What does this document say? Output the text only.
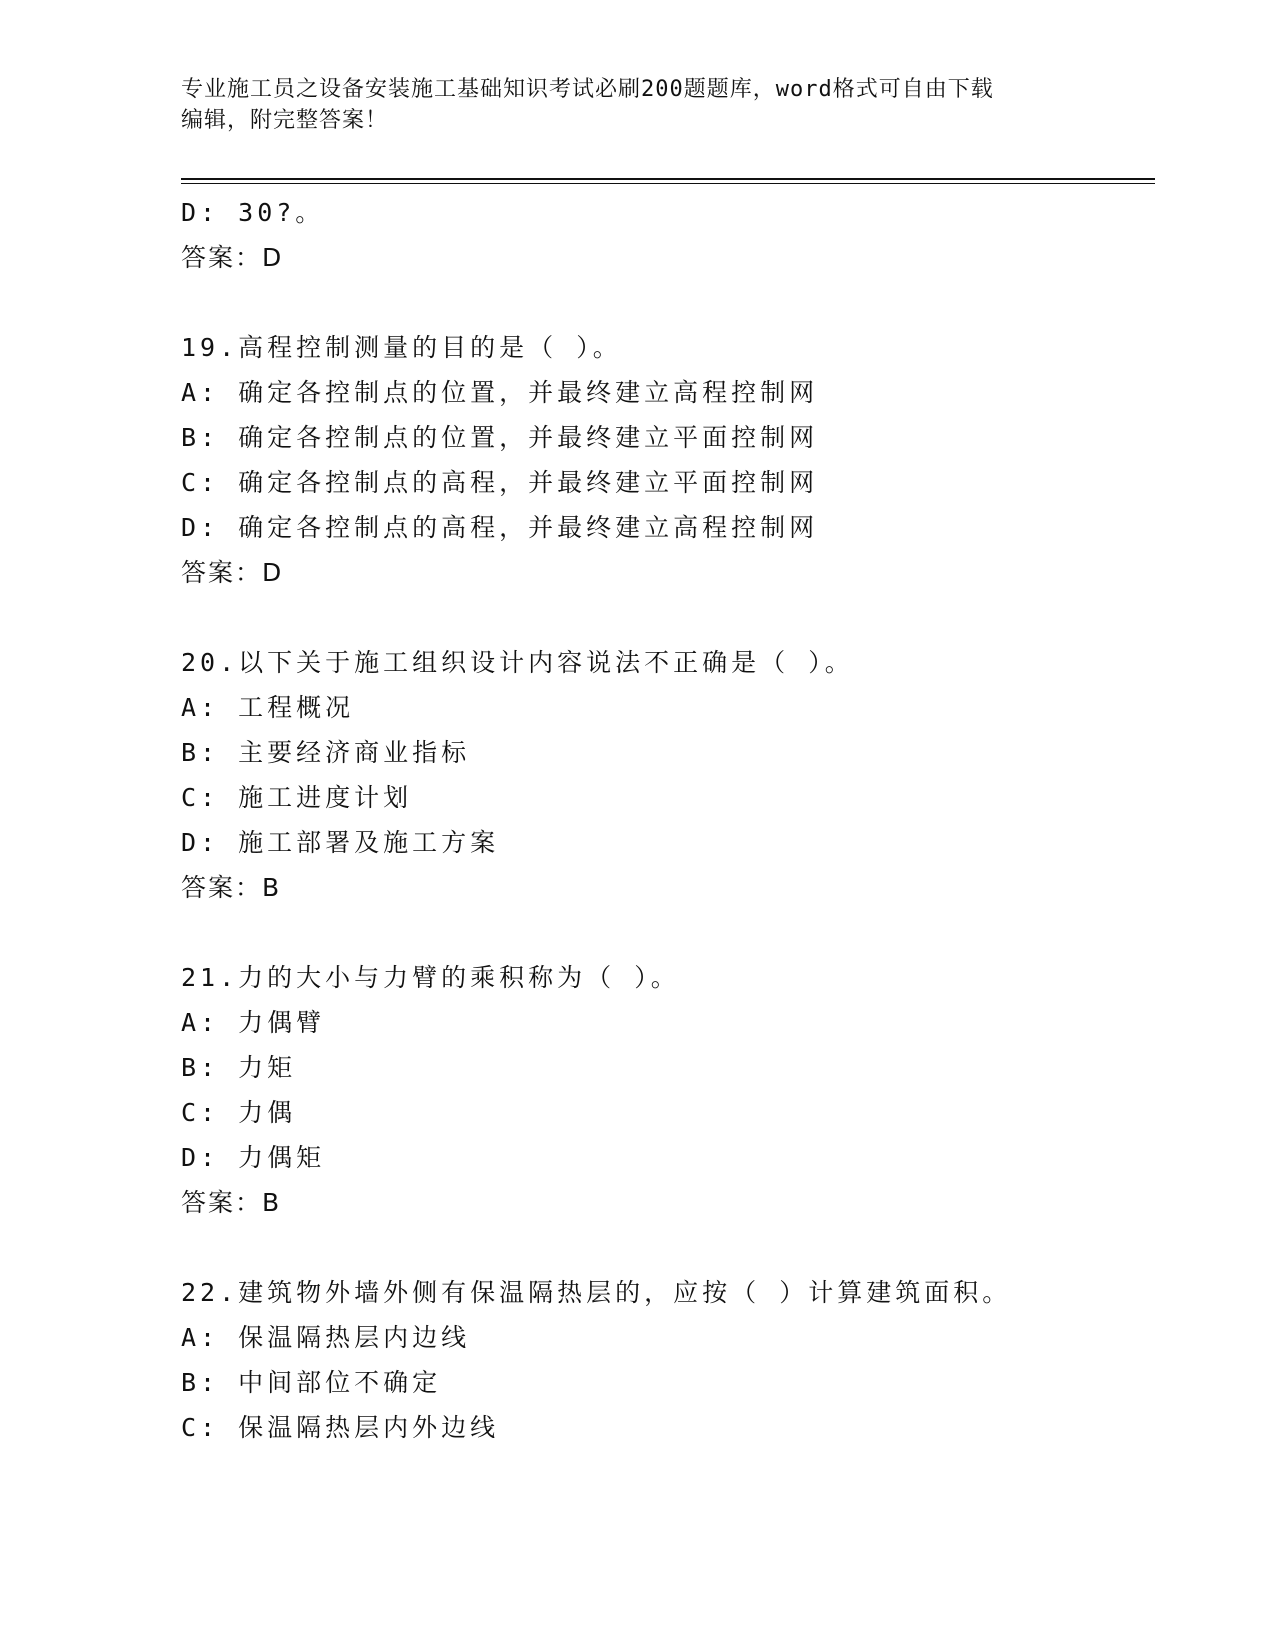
专业施工员之设备安装施工基础知识考试必刷200题题库，word格式可自由下载
编辑，附完整答案！
D: 30?。
答案：D
19.高程控制测量的目的是（ ）。
A: 确定各控制点的位置，并最终建立高程控制网
B: 确定各控制点的位置，并最终建立平面控制网
C: 确定各控制点的高程，并最终建立平面控制网
D: 确定各控制点的高程，并最终建立高程控制网
答案：D
20.以下关于施工组织设计内容说法不正确是（ ）。
A: 工程概况
B: 主要经济商业指标
C: 施工进度计划
D: 施工部署及施工方案
答案：B
21.力的大小与力臂的乘积称为（ ）。
A: 力偶臂
B: 力矩
C: 力偶
D: 力偶矩
答案：B
22.建筑物外墙外侧有保温隔热层的，应按（ ）计算建筑面积。
A: 保温隔热层内边线
B: 中间部位不确定
C: 保温隔热层内外边线
